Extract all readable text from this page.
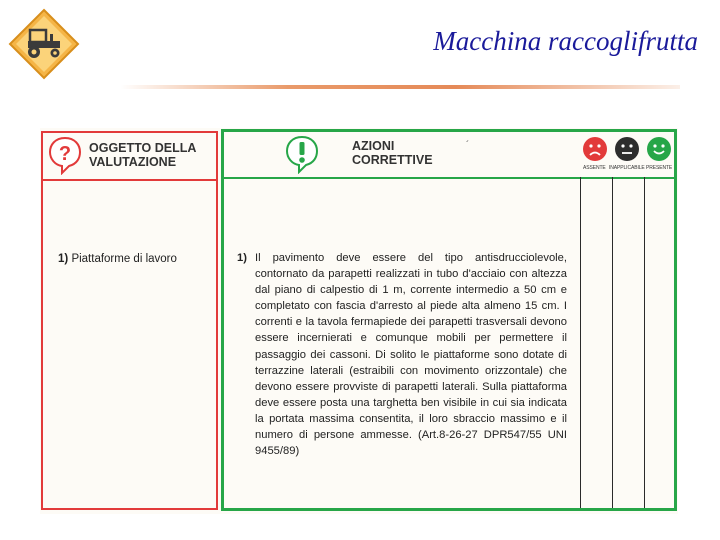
Macchina raccoglifrutta
? OGGETTO DELLA VALUTAZIONE
1) Piattaforme di lavoro
AZIONI CORRETTIVE
´
ASSENTE INAPPLICABILE PRESENTE
1) Il pavimento deve essere del tipo antisdrucciolevole, contornato da parapetti realizzati in tubo d'acciaio con altezza dal piano di calpestio di 1 m, corrente intermedio a 50 cm e completato con fascia d'arresto al piede alta almeno 15 cm. I correnti e la tavola fermapiede dei parapetti trasversali devono essere incernierati e comunque mobili per permettere il passaggio dei cassoni. Di solito le piattaforme sono dotate di terrazzine laterali (estraibili con movimento orizzontale) che devono essere provviste di parapetti laterali. Sulla piattaforma deve essere posta una targhetta ben visibile in cui sia indicata la portata massima consentita, il loro sbraccio massimo e il numero di persone ammesse. (Art.8-26-27 DPR547/55 UNI 9455/89)
